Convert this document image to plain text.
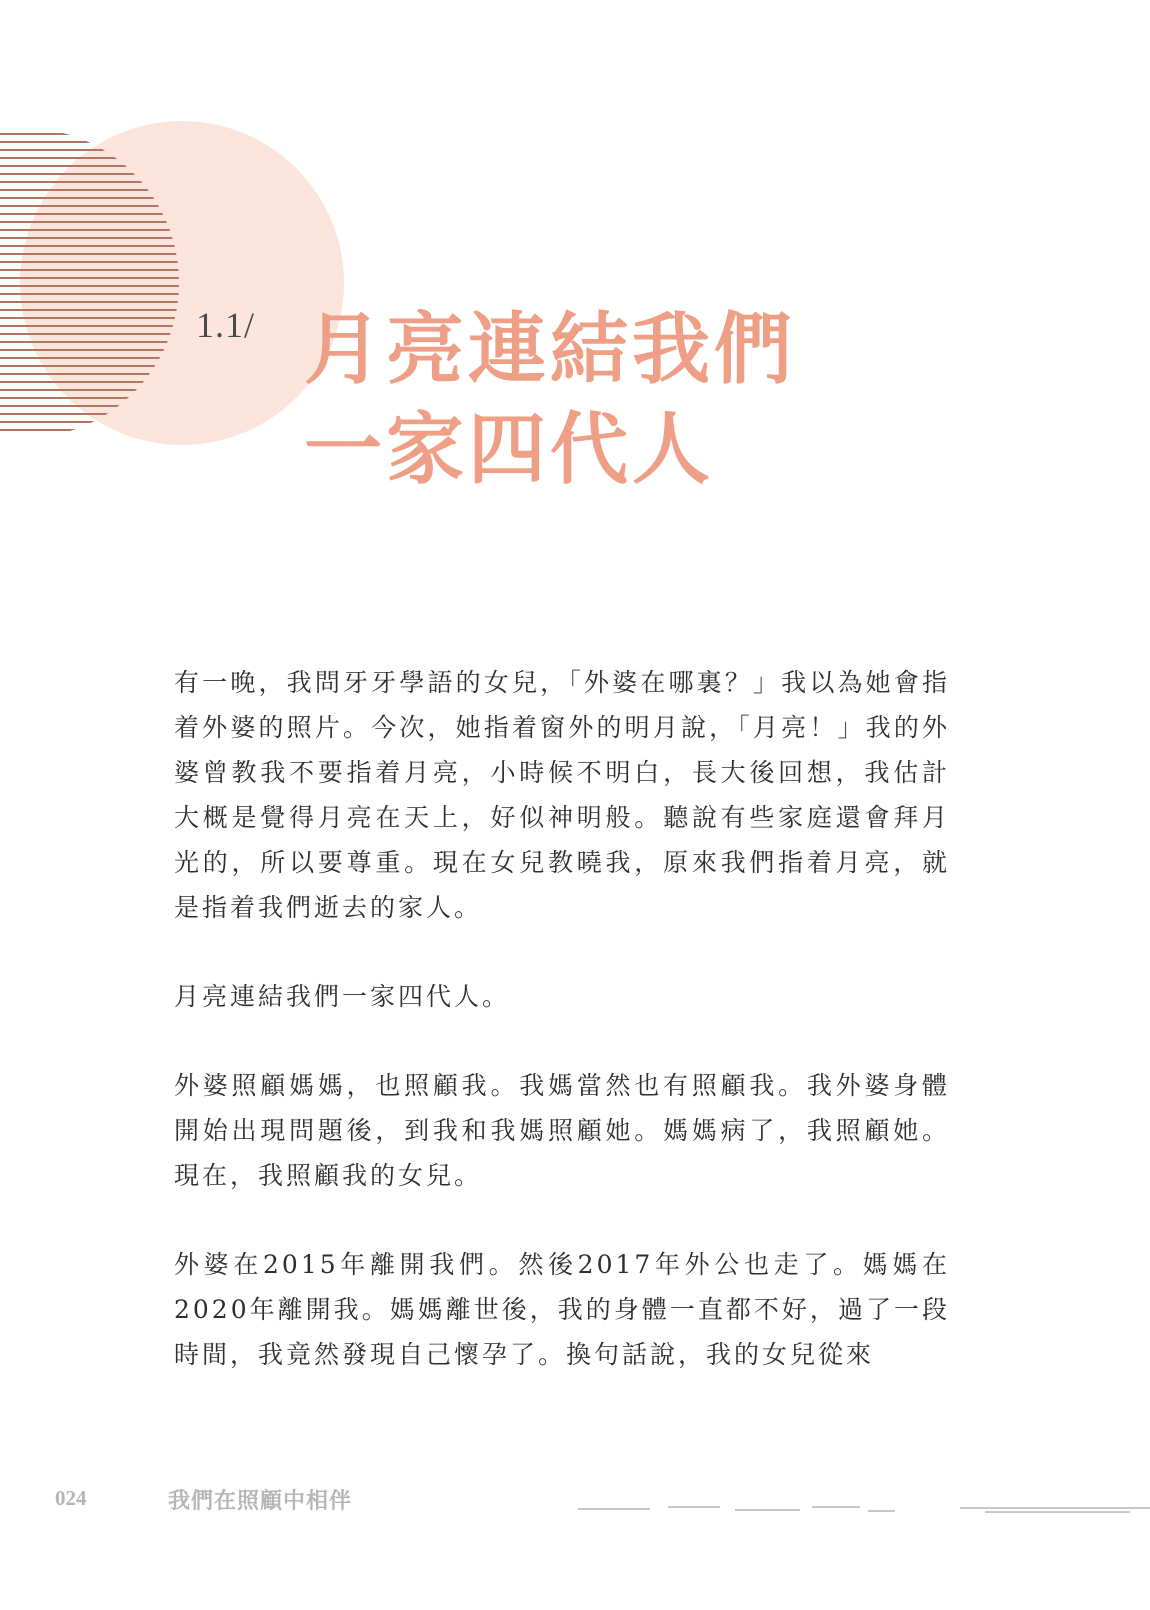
1.1/ 月亮連結我們
一家四代人

有一晚，我問牙牙學語的女兒，「外婆在哪裏？」我以為她會指着外婆的照片。今次，她指着窗外的明月說，「月亮！」我的外婆曾教我不要指着月亮，小時候不明白，長大後回想，我估計大概是覺得月亮在天上，好似神明般。聽說有些家庭還會拜月光的，所以要尊重。現在女兒教曉我，原來我們指着月亮，就是指着我們逝去的家人。

月亮連結我們一家四代人。

外婆照顧媽媽，也照顧我。我媽當然也有照顧我。我外婆身體開始出現問題後，到我和我媽照顧她。媽媽病了，我照顧她。現在，我照顧我的女兒。

外婆在2015年離開我們。然後2017年外公也走了。媽媽在2020年離開我。媽媽離世後，我的身體一直都不好，過了一段時間，我竟然發現自己懷孕了。換句話說，我的女兒從來

024	我們在照顧中相伴
